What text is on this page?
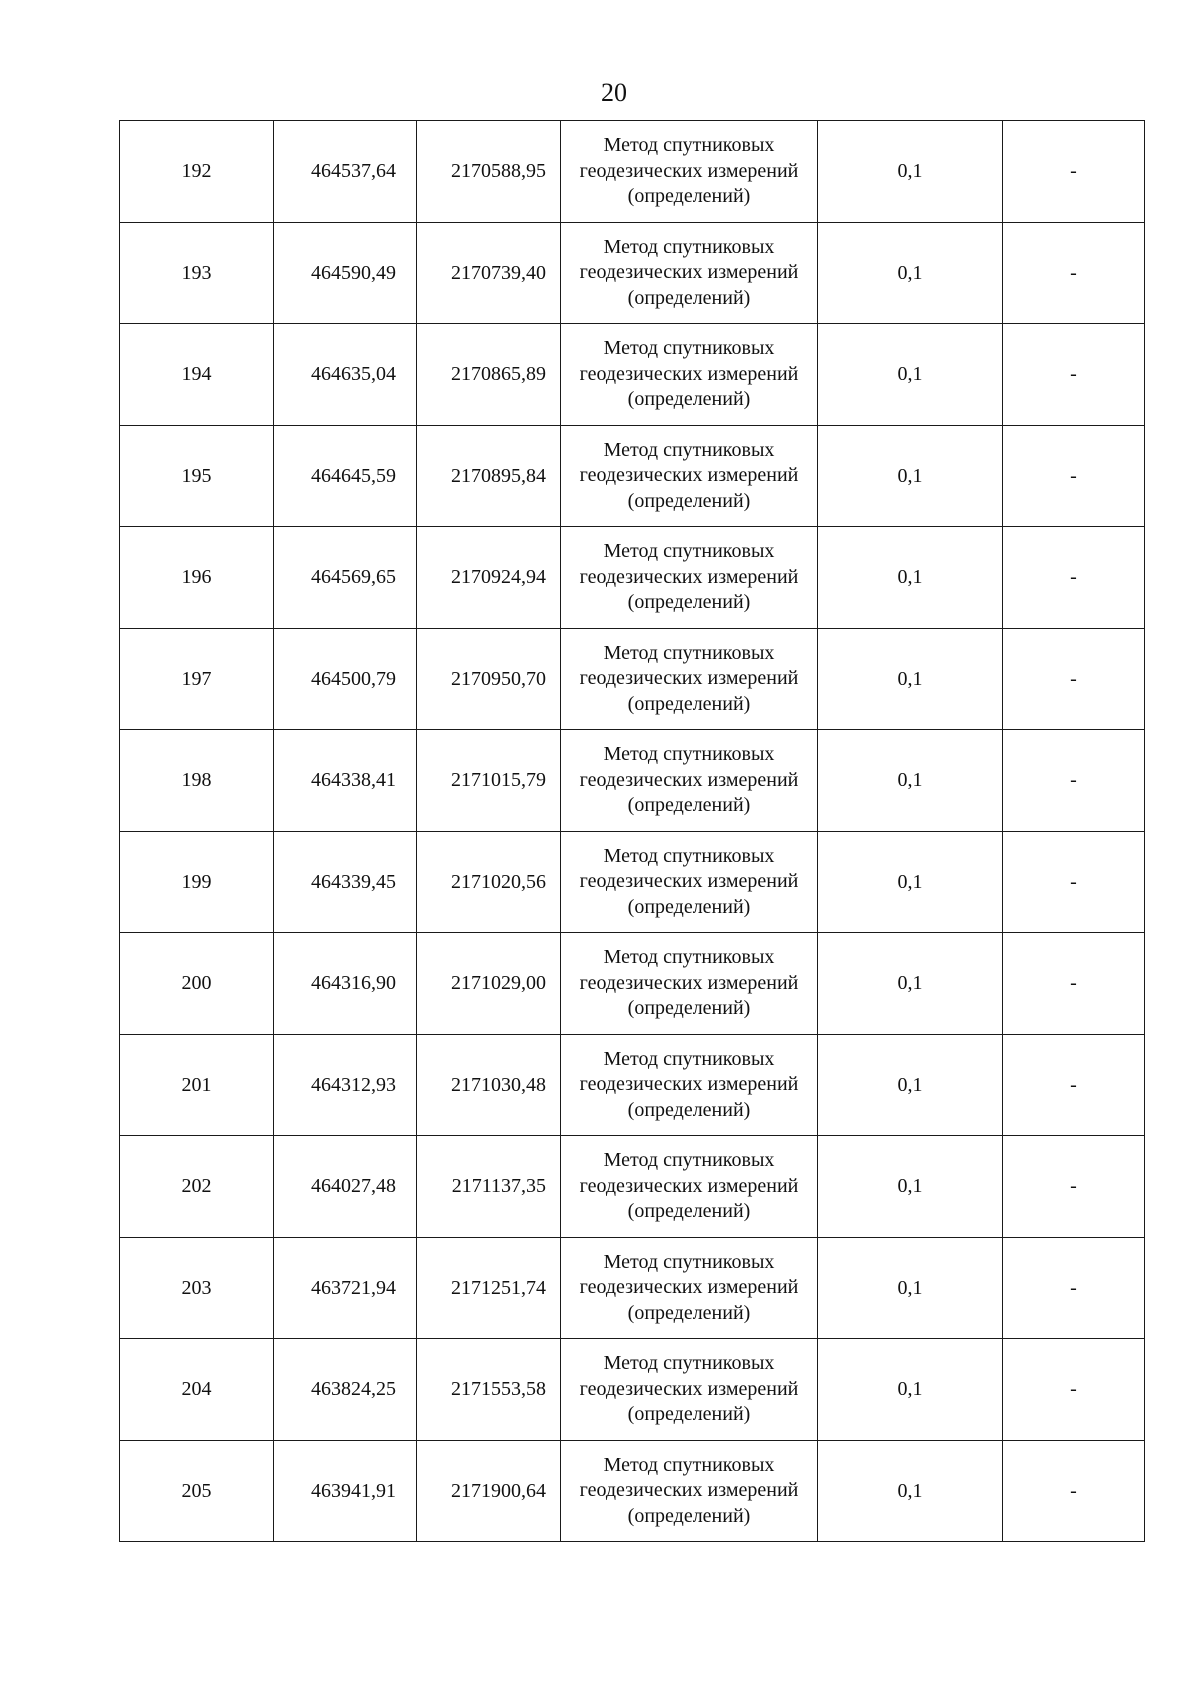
20
192	464537,64	2170588,95	Метод спутниковых
геодезических измерений
(определений)	0,1	-
193	464590,49	2170739,40	Метод спутниковых
геодезических измерений
(определений)	0,1	-
194	464635,04	2170865,89	Метод спутниковых
геодезических измерений
(определений)	0,1	-
195	464645,59	2170895,84	Метод спутниковых
геодезических измерений
(определений)	0,1	-
196	464569,65	2170924,94	Метод спутниковых
геодезических измерений
(определений)	0,1	-
197	464500,79	2170950,70	Метод спутниковых
геодезических измерений
(определений)	0,1	-
198	464338,41	2171015,79	Метод спутниковых
геодезических измерений
(определений)	0,1	-
199	464339,45	2171020,56	Метод спутниковых
геодезических измерений
(определений)	0,1	-
200	464316,90	2171029,00	Метод спутниковых
геодезических измерений
(определений)	0,1	-
201	464312,93	2171030,48	Метод спутниковых
геодезических измерений
(определений)	0,1	-
202	464027,48	2171137,35	Метод спутниковых
геодезических измерений
(определений)	0,1	-
203	463721,94	2171251,74	Метод спутниковых
геодезических измерений
(определений)	0,1	-
204	463824,25	2171553,58	Метод спутниковых
геодезических измерений
(определений)	0,1	-
205	463941,91	2171900,64	Метод спутниковых
геодезических измерений
(определений)	0,1	-
